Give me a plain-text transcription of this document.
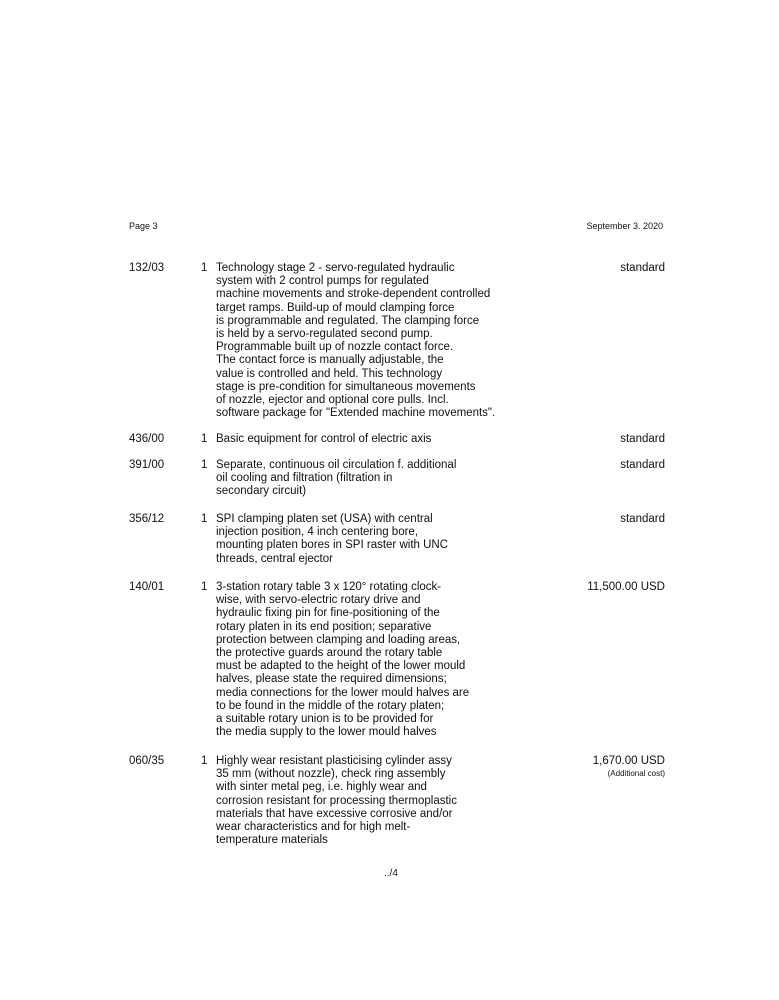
Page 3	September 3. 2020
132/03	1 Technology stage 2 - servo-regulated hydraulic
system with 2 control pumps for regulated
machine movements and stroke-dependent controlled
target ramps. Build-up of mould clamping force
is programmable and regulated. The clamping force
is held by a servo-regulated second pump.
Programmable built up of nozzle contact force.
The contact force is manually adjustable, the
value is controlled and held. This technology
stage is pre-condition for simultaneous movements
of nozzle, ejector and optional core pulls. Incl.
software package for "Extended machine movements".
standard
436/00	1 Basic equipment for control of electric axis	standard
391/00	1 Separate, continuous oil circulation f. additional
oil cooling and filtration (filtration in
secondary circuit)
standard
356/12	1 SPI clamping platen set (USA) with central
injection position, 4 inch centering bore,
mounting platen bores in SPI raster with UNC
threads, central ejector
standard
140/01	1 3-station rotary table 3 x 120° rotating clock-
wise, with servo-electric rotary drive and
hydraulic fixing pin for fine-positioning of the
rotary platen in its end position; separative
protection between clamping and loading areas,
the protective guards around the rotary table
must be adapted to the height of the lower mould
halves, please state the required dimensions;
media connections for the lower mould halves are
to be found in the middle of the rotary platen;
a suitable rotary union is to be provided for
the media supply to the lower mould halves
11,500.00 USD
060/35	1 Highly wear resistant plasticising cylinder assy
35 mm (without nozzle), check ring assembly
with sinter metal peg, i.e. highly wear and
corrosion resistant for processing thermoplastic
materials that have excessive corrosive and/or
wear characteristics and for high melt-
temperature materials
1,670.00 USD
(Additional cost)
../4
